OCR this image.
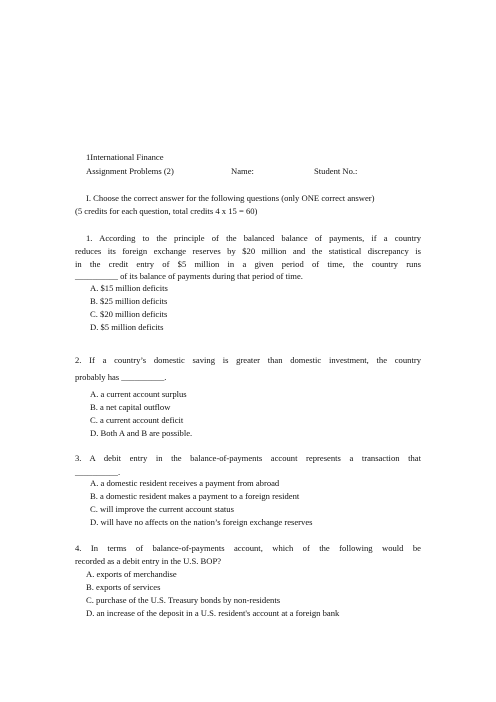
1International Finance
Assignment Problems (2)	Name:	Student No.:
I. Choose the correct answer for the following questions (only ONE correct answer)
(5 credits for each question, total credits 4 x 15 = 60)
1. According to the principle of the balanced balance of payments, if a country
reduces its foreign exchange reserves by $20 million and the statistical discrepancy is
in the credit entry of $5 million in a given period of time, the country runs
__________ of its balance of payments during that period of time.
A. $15 million deficits
B. $25 million deficits
C. $20 million deficits
D. $5 million deficits
2. If a country’s domestic saving is greater than domestic investment, the country
probably has __________.
A. a current account surplus
B. a net capital outflow
C. a current account deficit
D. Both A and B are possible.
3. A debit entry in the balance-of-payments account represents a transaction that
__________.
A. a domestic resident receives a payment from abroad
B. a domestic resident makes a payment to a foreign resident
C. will improve the current account status
D. will have no affects on the nation’s foreign exchange reserves
4. In terms of balance-of-payments account, which of the following would be
recorded as a debit entry in the U.S. BOP?
A. exports of merchandise
B. exports of services
C. purchase of the U.S. Treasury bonds by non-residents
D. an increase of the deposit in a U.S. resident's account at a foreign bank
